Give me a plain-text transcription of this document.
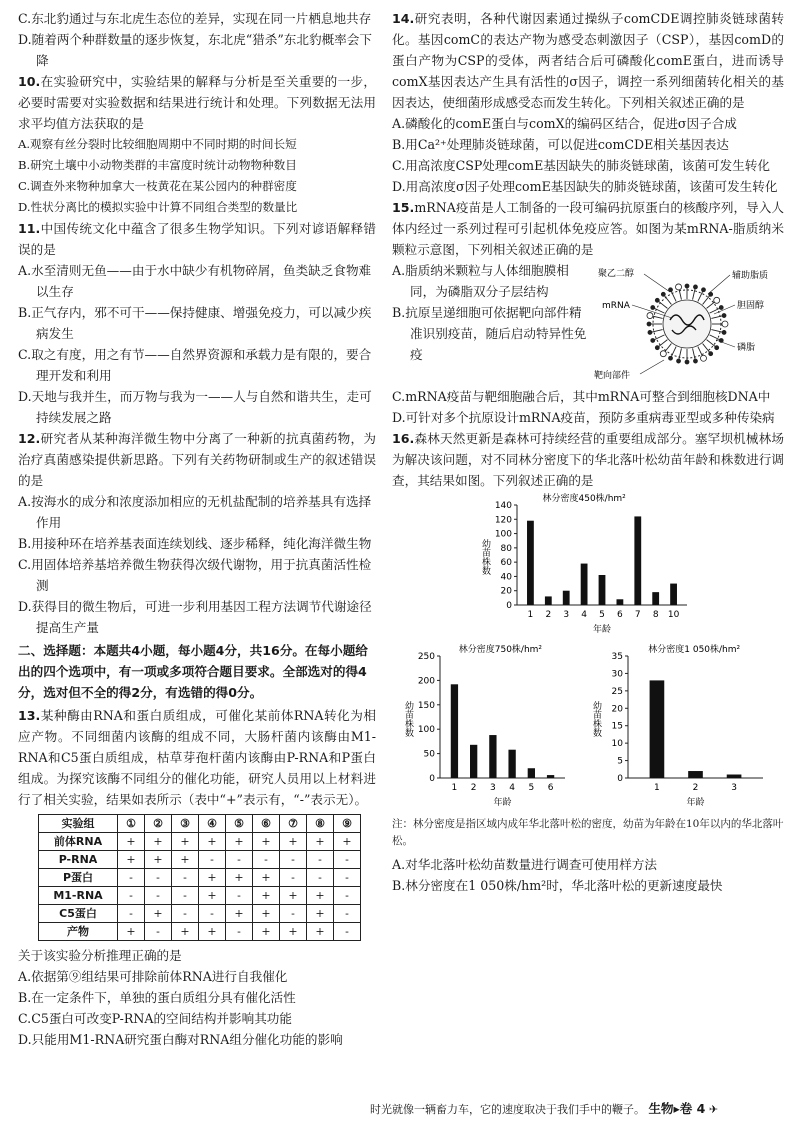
C.东北豹通过与东北虎生态位的差异，实现在同一片栖息地共存

D.随着两个种群数量的逐步恢复，东北虎“猎杀”东北豹概率会下降

10.在实验研究中，实验结果的解释与分析是至关重要的一步，必要时需要对实验数据和结果进行统计和处理。下列数据无法用求平均值方法获取的是

A.观察有丝分裂时比较细胞周期中不同时期的时间长短

B.研究土壤中小动物类群的丰富度时统计动物物种数目

C.调查外来物种加拿大一枝黄花在某公园内的种群密度

D.性状分离比的模拟实验中计算不同组合类型的数量比

11.中国传统文化中蕴含了很多生物学知识。下列对谚语解释错误的是

A.水至清则无鱼——由于水中缺少有机物碎屑，鱼类缺乏食物难以生存

B.正气存内，邪不可干——保持健康、增强免疫力，可以减少疾病发生

C.取之有度，用之有节——自然界资源和承载力是有限的，要合理开发和利用

D.天地与我并生，而万物与我为一——人与自然和谐共生，走可持续发展之路

12.研究者从某种海洋微生物中分离了一种新的抗真菌药物，为治疗真菌感染提供新思路。下列有关药物研制或生产的叙述错误的是

A.按海水的成分和浓度添加相应的无机盐配制的培养基具有选择作用

B.用接种环在培养基表面连续划线、逐步稀释，纯化海洋微生物

C.用固体培养基培养微生物获得次级代谢物，用于抗真菌活性检测

D.获得目的微生物后，可进一步利用基因工程方法调节代谢途径提高生产量

二、选择题：本题共4小题，每小题4分，共16分。在每小题给出的四个选项中，有一项或多项符合题目要求。全部选对的得4分，选对但不全的得2分，有选错的得0分。

13.某种酶由RNA和蛋白质组成，可催化某前体RNA转化为相应产物。不同细菌内该酶的组成不同，大肠杆菌内该酶由M1-RNA和C5蛋白质组成，枯草芽孢杆菌内该酶由P-RNA和P蛋白组成。为探究该酶不同组分的催化功能，研究人员用以上材料进行了相关实验，结果如表所示（表中“+”表示有，“-”表示无）。

实验组	①	②	③	④	⑤	⑥	⑦	⑧	⑨
前体RNA	+	+	+	+	+	+	+	+	+
P-RNA	+	+	+	-	-	-	-	-	-
P蛋白	-	-	-	+	+	+	-	-	-
M1-RNA	-	-	-	+	-	+	+	+	-
C5蛋白	-	+	-	-	+	+	-	+	-
产物	+	-	+	+	-	+	+	+	-

关于该实验分析推理正确的是

A.依据第⑨组结果可排除前体RNA进行自我催化

B.在一定条件下，单独的蛋白质组分具有催化活性

C.C5蛋白可改变P-RNA的空间结构并影响其功能

D.只能用M1-RNA研究蛋白酶对RNA组分催化功能的影响

14.研究表明，各种代谢因素通过操纵子comCDE调控肺炎链球菌转化。基因comC的表达产物为感受态刺激因子（CSP），基因comD的蛋白产物为CSP的受体，两者结合后可磷酸化comE蛋白，进而诱导comX基因表达产生具有活性的σ因子，调控一系列细菌转化相关的基因表达，使细菌形成感受态而发生转化。下列相关叙述正确的是

A.磷酸化的comE蛋白与comX的编码区结合，促进σ因子合成

B.用Ca²⁺处理肺炎链球菌，可以促进comCDE相关基因表达

C.用高浓度CSP处理comE基因缺失的肺炎链球菌，该菌可发生转化

D.用高浓度σ因子处理comE基因缺失的肺炎链球菌，该菌可发生转化

15.mRNA疫苗是人工制备的一段可编码抗原蛋白的核酸序列，导入人体内经过一系列过程可引起机体免疫应答。如图为某mRNA-脂质纳米颗粒示意图，下列相关叙述正确的是

A.脂质纳米颗粒与人体细胞膜相同，为磷脂双分子层结构

B.抗原呈递细胞可依据靶向部件精准识别疫苗，随后启动特异性免疫

聚乙二醇
mRNA
靶向部件
辅助脂质
胆固醇
磷脂

C.mRNA疫苗与靶细胞融合后，其中mRNA可整合到细胞核DNA中

D.可针对多个抗原设计mRNA疫苗，预防多重病毒亚型或多种传染病

16.森林天然更新是森林可持续经营的重要组成部分。塞罕坝机械林场为解决该问题，对不同林分密度下的华北落叶松幼苗年龄和株数进行调查，其结果如图。下列叙述正确的是

林分密度450株/hm²
0
20
40
60
80
100
120
140
幼苗株数
1 2 3 4 5 6 7 8 10
年龄
林分密度750株/hm²
0
50
100
150
200
250
幼苗株数
1 2 3 4 5 6
年龄
林分密度1 050株/hm²
0
5
10
15
20
25
30
35
幼苗株数
1	2	3
年龄

注：林分密度是指区域内成年华北落叶松的密度，幼苗为年龄在10年以内的华北落叶松。

A.对华北落叶松幼苗数量进行调查可使用样方法

B.林分密度在1 050株/hm²时，华北落叶松的更新速度最快

时光就像一辆畜力车，它的速度取决于我们手中的鞭子。 生物▸卷 4 ✈
